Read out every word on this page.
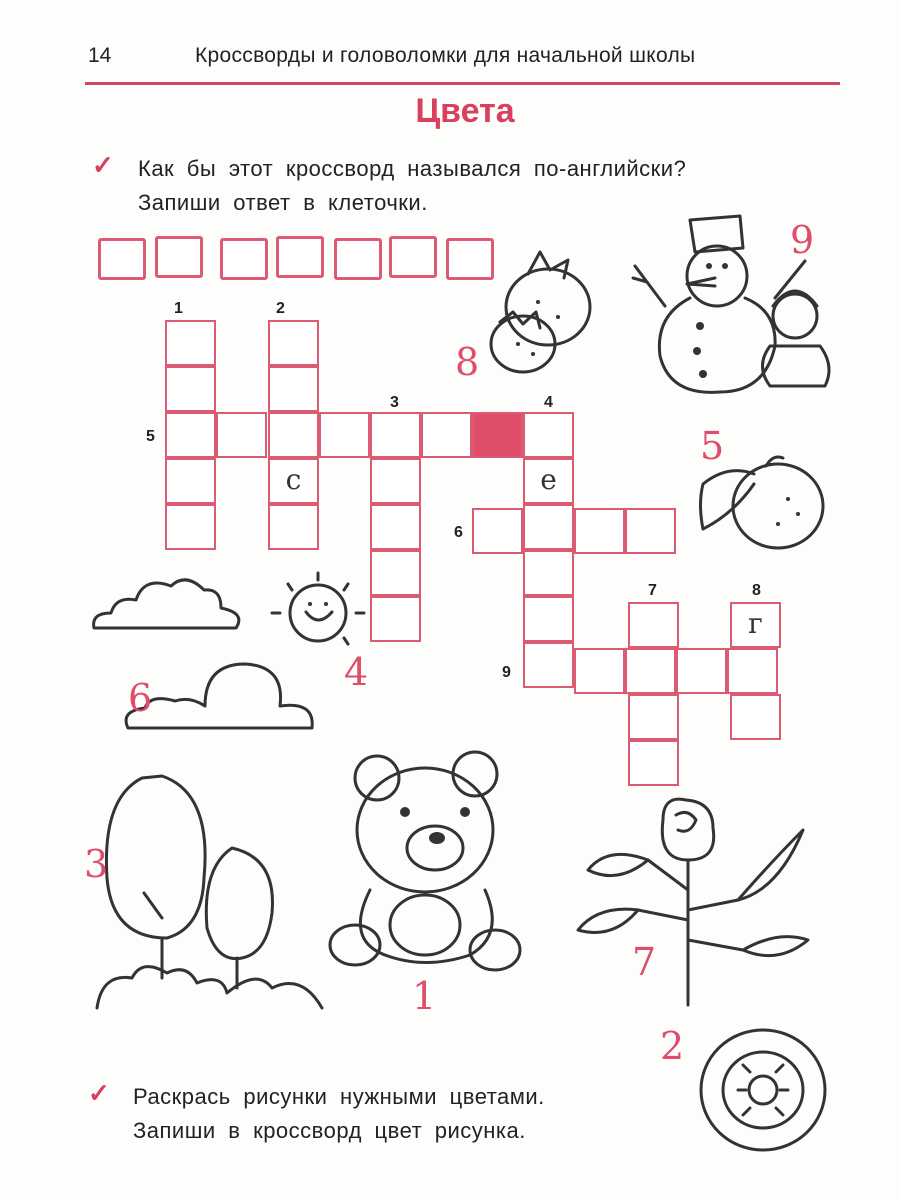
14	Кроссворды и головоломки для начальной школы
Цвета
✓ Как бы этот кроссворд назывался по-английски?
Запиши ответ в клеточки.
с	е
г
1	2
3	4
5
6
7	8
9
8
9
5
4
6
3
1
7
2
✓ Раскрась рисунки нужными цветами.
Запиши в кроссворд цвет рисунка.
